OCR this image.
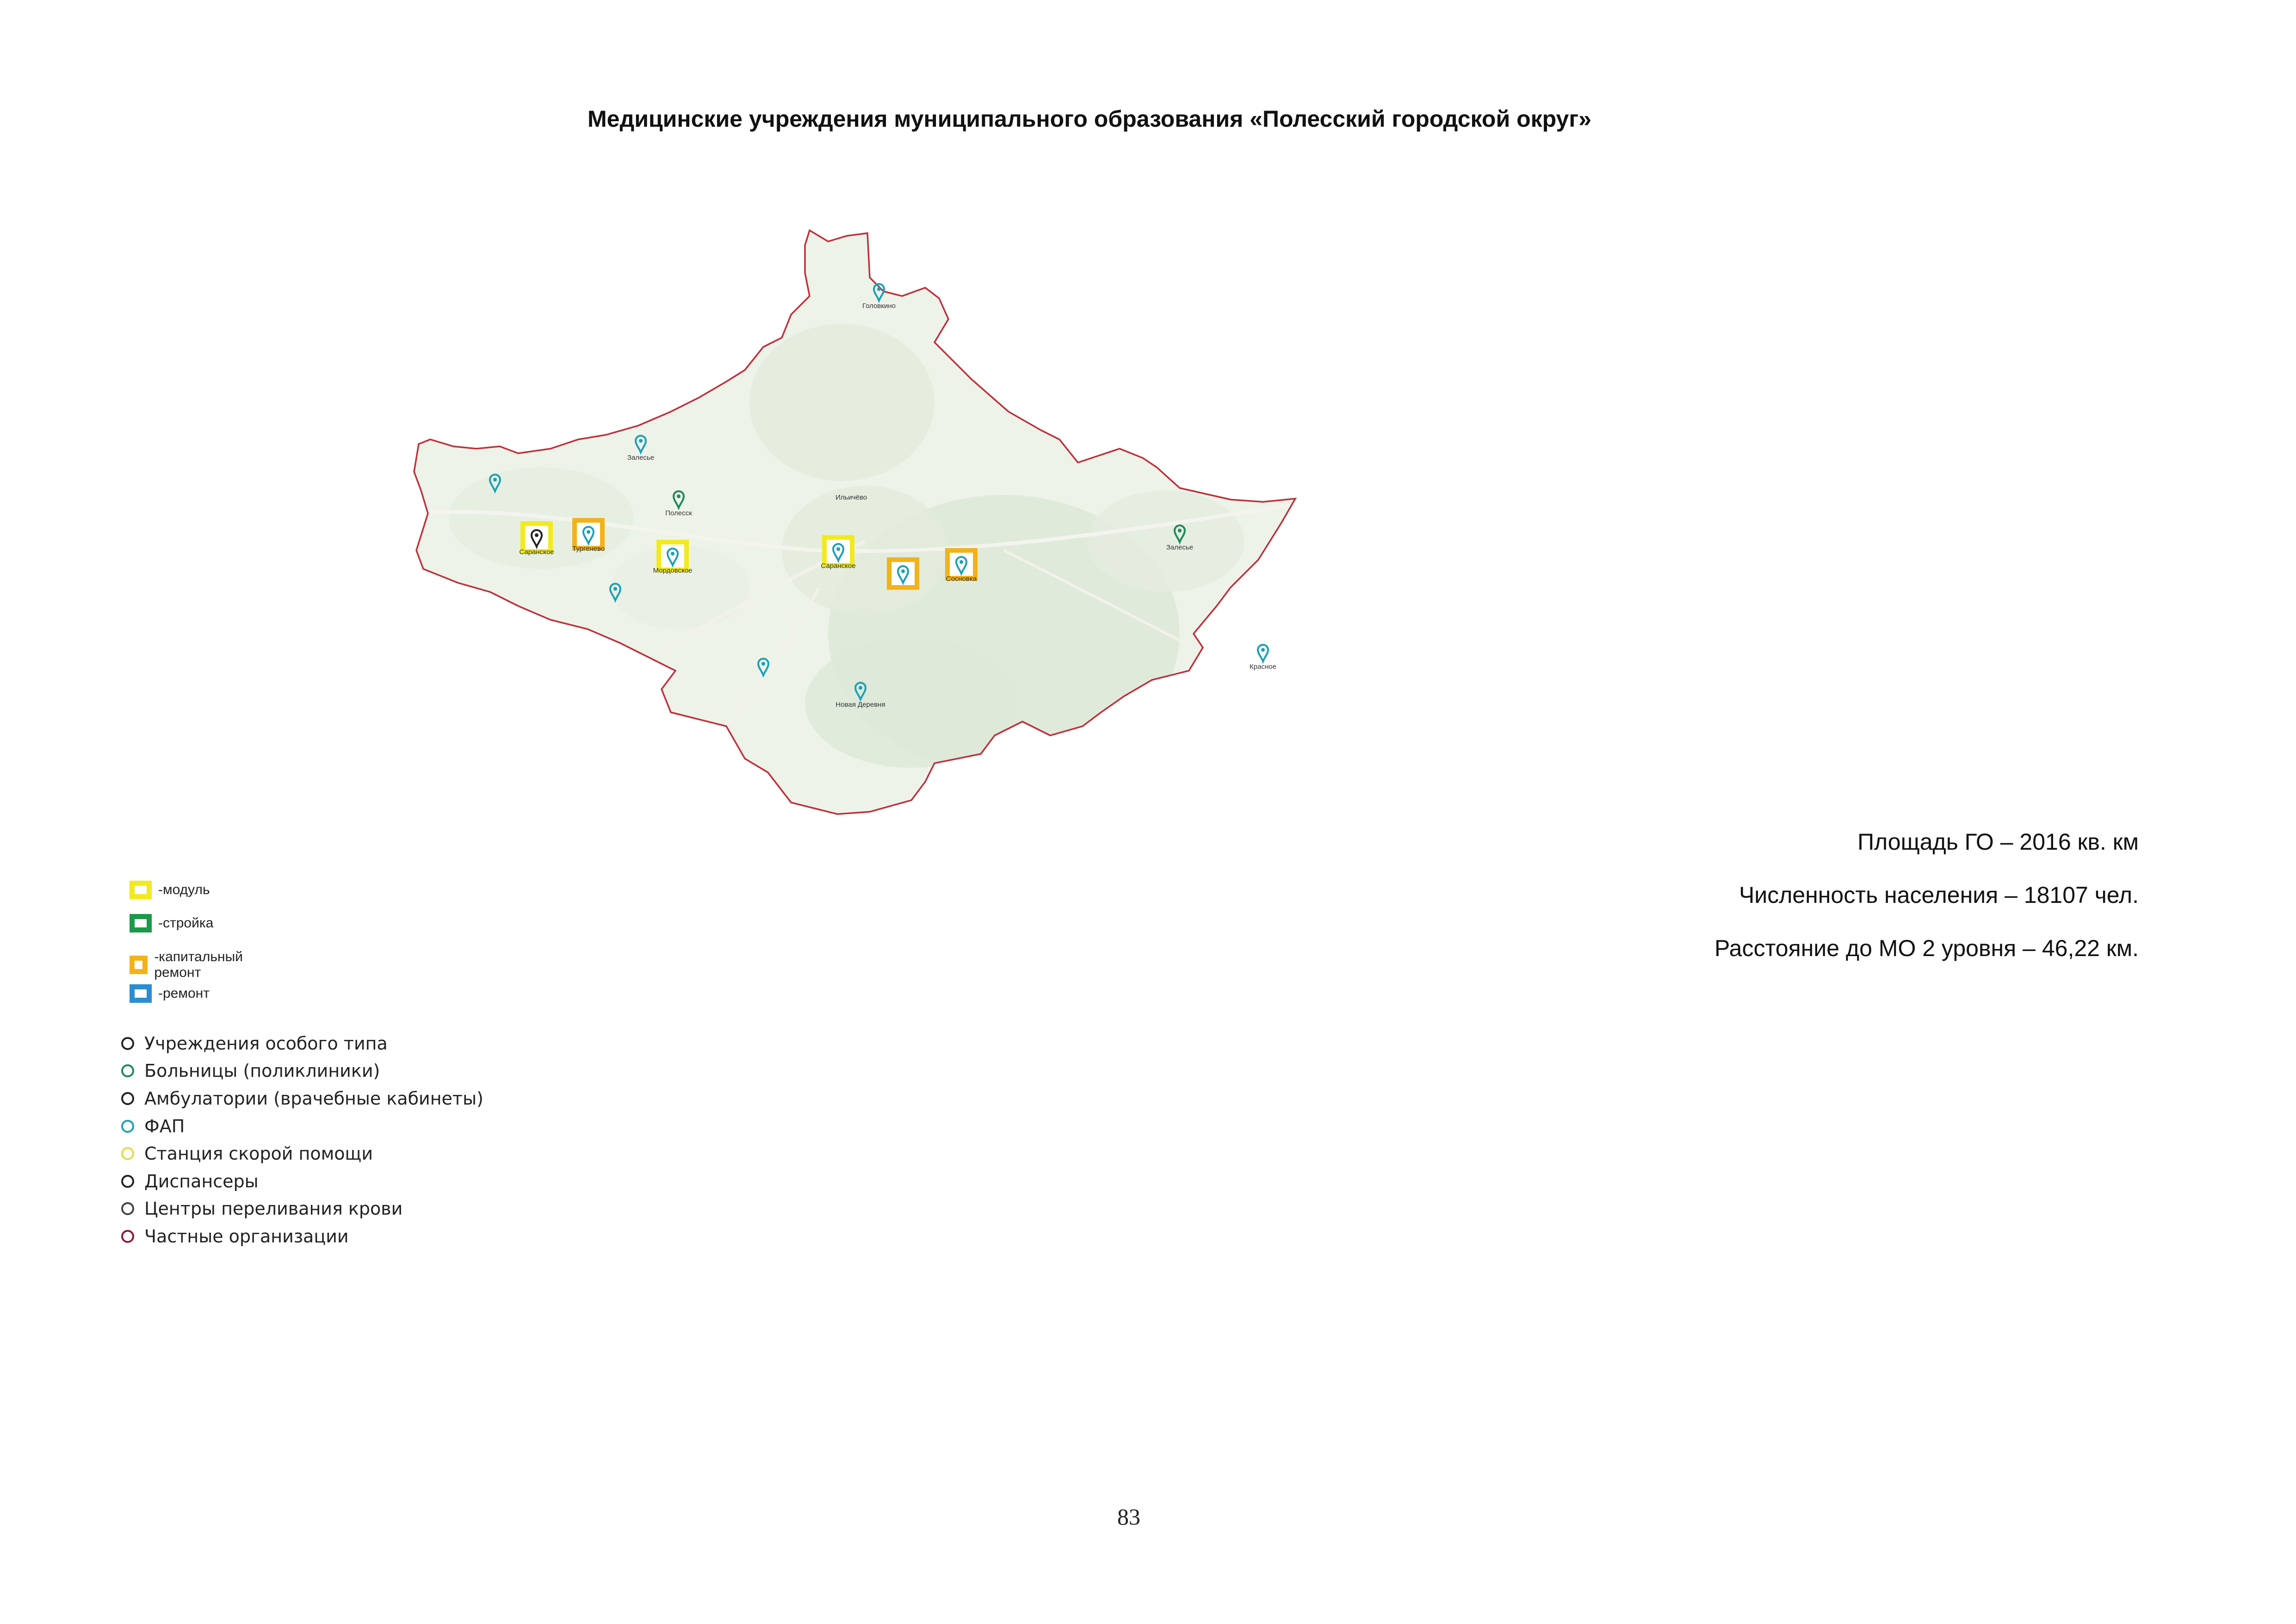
Медицинские учреждения муниципального образования «Полесский городской округ»
Головкино
Залесье
Полесск
Залесье
Саранское	Тургенево
Мордовское
Саранское
Сосновка
Красное
Новая Деревня
Ильичёво
Площадь ГО – 2016 кв. км
Численность населения – 18107 чел.
Расстояние до МО 2 уровня – 46,22 км.
-модуль
-стройка
-капитальный ремонт
-ремонт
Учреждения особого типа
Больницы (поликлиники)
Амбулатории (врачебные кабинеты)
ФАП
Станция скорой помощи
Диспансеры
Центры переливания крови
Частные организации
83
